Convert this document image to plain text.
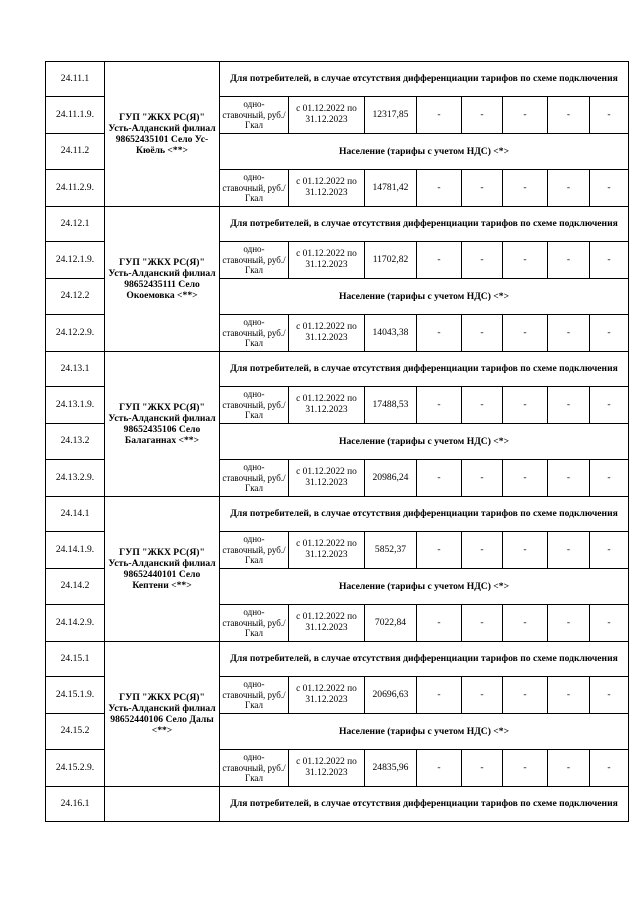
24.11.1	ГУП "ЖКХ РС(Я)" Усть-Алданский филиал 98652435101 Село Ус-Кюёль <**>	Для потребителей, в случае отсутствия дифференциации тарифов по схеме подключения							
24.11.1.9.		одно-ставочный, руб./Гкал	с 01.12.2022 по 31.12.2023	12317,85	-	-	-	-	-
24.11.2		Население (тарифы с учетом НДС) <*>							
24.11.2.9.		одно-ставочный, руб./Гкал	с 01.12.2022 по 31.12.2023	14781,42	-	-	-	-	-
24.12.1	ГУП "ЖКХ РС(Я)" Усть-Алданский филиал 98652435111 Село Окоемовка <**>	Для потребителей, в случае отсутствия дифференциации тарифов по схеме подключения							
24.12.1.9.		одно-ставочный, руб./Гкал	с 01.12.2022 по 31.12.2023	11702,82	-	-	-	-	-
24.12.2		Население (тарифы с учетом НДС) <*>							
24.12.2.9.		одно-ставочный, руб./Гкал	с 01.12.2022 по 31.12.2023	14043,38	-	-	-	-	-
24.13.1	ГУП "ЖКХ РС(Я)" Усть-Алданский филиал 98652435106 Село Балаганнах <**>	Для потребителей, в случае отсутствия дифференциации тарифов по схеме подключения							
24.13.1.9.		одно-ставочный, руб./Гкал	с 01.12.2022 по 31.12.2023	17488,53	-	-	-	-	-
24.13.2		Население (тарифы с учетом НДС) <*>							
24.13.2.9.		одно-ставочный, руб./Гкал	с 01.12.2022 по 31.12.2023	20986,24	-	-	-	-	-
24.14.1	ГУП "ЖКХ РС(Я)" Усть-Алданский филиал 98652440101 Село Кептени <**>	Для потребителей, в случае отсутствия дифференциации тарифов по схеме подключения							
24.14.1.9.		одно-ставочный, руб./Гкал	с 01.12.2022 по 31.12.2023	5852,37	-	-	-	-	-
24.14.2		Население (тарифы с учетом НДС) <*>							
24.14.2.9.		одно-ставочный, руб./Гкал	с 01.12.2022 по 31.12.2023	7022,84	-	-	-	-	-
24.15.1	ГУП "ЖКХ РС(Я)" Усть-Алданский филиал 98652440106 Село Далы <**>	Для потребителей, в случае отсутствия дифференциации тарифов по схеме подключения							
24.15.1.9.		одно-ставочный, руб./Гкал	с 01.12.2022 по 31.12.2023	20696,63	-	-	-	-	-
24.15.2		Население (тарифы с учетом НДС) <*>							
24.15.2.9.		одно-ставочный, руб./Гкал	с 01.12.2022 по 31.12.2023	24835,96	-	-	-	-	-
24.16.1		Для потребителей, в случае отсутствия дифференциации тарифов по схеме подключения							
